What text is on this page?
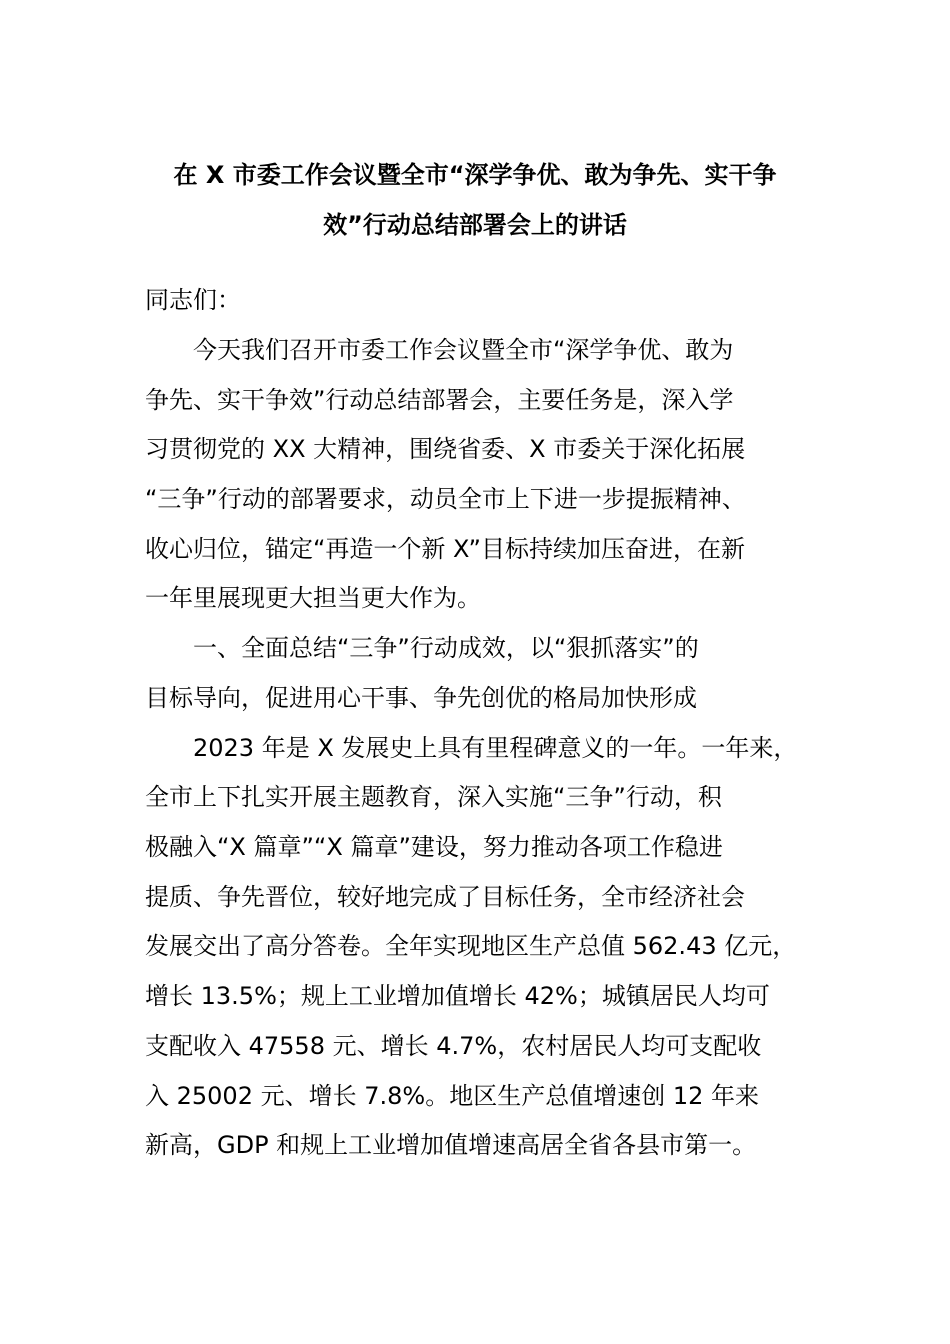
在 X 市委工作会议暨全市“深学争优、敢为争先、实干争
效”行动总结部署会上的讲话
同志们：
　　今天我们召开市委工作会议暨全市“深学争优、敢为
争先、实干争效”行动总结部署会，主要任务是，深入学
习贯彻党的 XX 大精神，围绕省委、X 市委关于深化拓展
“三争”行动的部署要求，动员全市上下进一步提振精神、
收心归位，锚定“再造一个新 X”目标持续加压奋进，在新
一年里展现更大担当更大作为。
　　一、全面总结“三争”行动成效，以“狠抓落实”的
目标导向，促进用心干事、争先创优的格局加快形成
　　2023 年是 X 发展史上具有里程碑意义的一年。一年来，
全市上下扎实开展主题教育，深入实施“三争”行动，积
极融入“X 篇章”“X 篇章”建设，努力推动各项工作稳进
提质、争先晋位，较好地完成了目标任务，全市经济社会
发展交出了高分答卷。全年实现地区生产总值 562.43 亿元，
增长 13.5%；规上工业增加值增长 42%；城镇居民人均可
支配收入 47558 元、增长 4.7%，农村居民人均可支配收
入 25002 元、增长 7.8%。地区生产总值增速创 12 年来
新高，GDP 和规上工业增加值增速高居全省各县市第一。
